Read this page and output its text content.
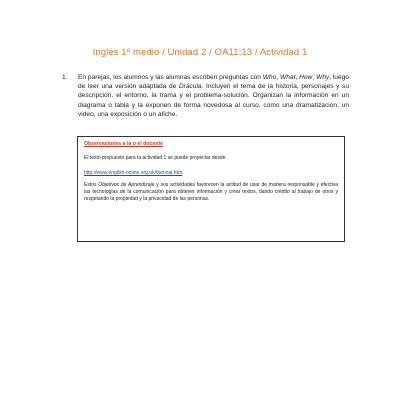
Inglés 1º medio / Unidad 2 / OA11;13 / Actividad 1
1.	En parejas, los alumnos y las alumnas escriben preguntas con Who, What, How, Why, luego de leer una versión adaptada de Drácula. Incluyen el tema de la historia, personajes y su descripción, el entorno, la trama y el problema-solución. Organizan la información en un diagrama o tabla y la exponen de forma novedosa al curso, como una dramatización, un video, una exposición o un afiche.
Observaciones a la o el docente
El texto propuesto para la actividad 1 se puede proyectar desde
http://www.english-online.org.uk/thenoal.htm.
Estos Objetivos de Aprendizaje y sus actividades favorecen la actitud de usar de manera responsable y efectiva las tecnologías de la comunicación para obtener información y crear textos, dando crédito al trabajo de otros y respetando la propiedad y la privacidad de las personas.
